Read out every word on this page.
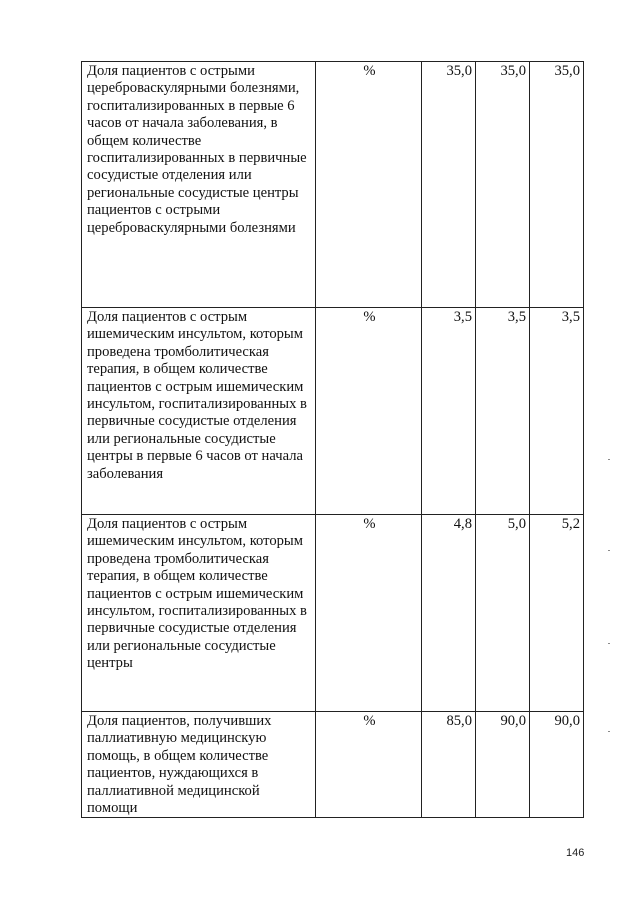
Доля пациентов с острыми цереброваскулярными болезнями, госпитализированных в первые 6 часов от начала заболевания, в общем количестве госпитализированных в первичные сосудистые отделения или региональные сосудистые центры пациентов с острыми цереброваскулярными болезнями	%	35,0	35,0	35,0

Доля пациентов с острым ишемическим инсультом, которым проведена тромболитическая терапия, в общем количестве пациентов с острым ишемическим инсультом, госпитализированных в первичные сосудистые отделения или региональные сосудистые центры в первые 6 часов от начала заболевания	%	3,5	3,5	3,5

Доля пациентов с острым ишемическим инсультом, которым проведена тромболитическая терапия, в общем количестве пациентов с острым ишемическим инсультом, госпитализированных в первичные сосудистые отделения или региональные сосудистые центры	%	4,8	5,0	5,2

Доля пациентов, получивших паллиативную медицинскую помощь, в общем количестве пациентов, нуждающихся в паллиативной медицинской помощи	%	85,0	90,0	90,0
146
